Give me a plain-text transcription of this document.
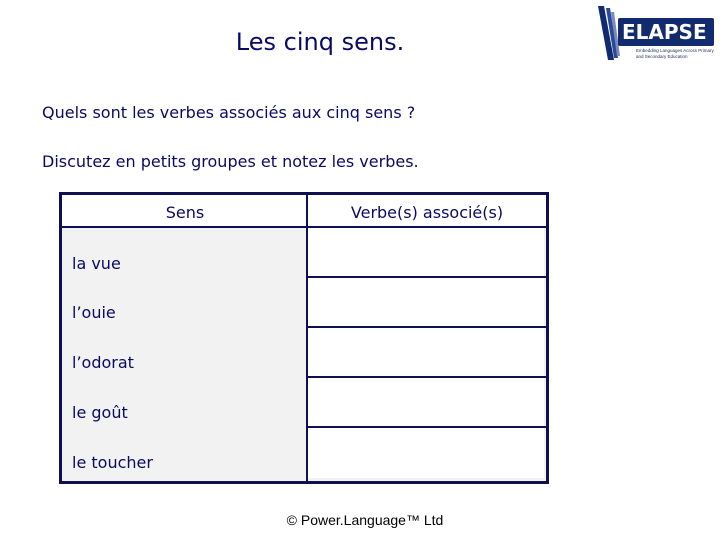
Les cinq sens.	ELAPSE
Embedding Languages Across Primary and Secondary Education
Quels sont les verbes associés aux cinq sens ?
Discutez en petits groupes et notez les verbes.
Sens	Verbe(s) associé(s)
la vue
l’ouie
l’odorat
le goût
le toucher
© Power.Language™ Ltd
